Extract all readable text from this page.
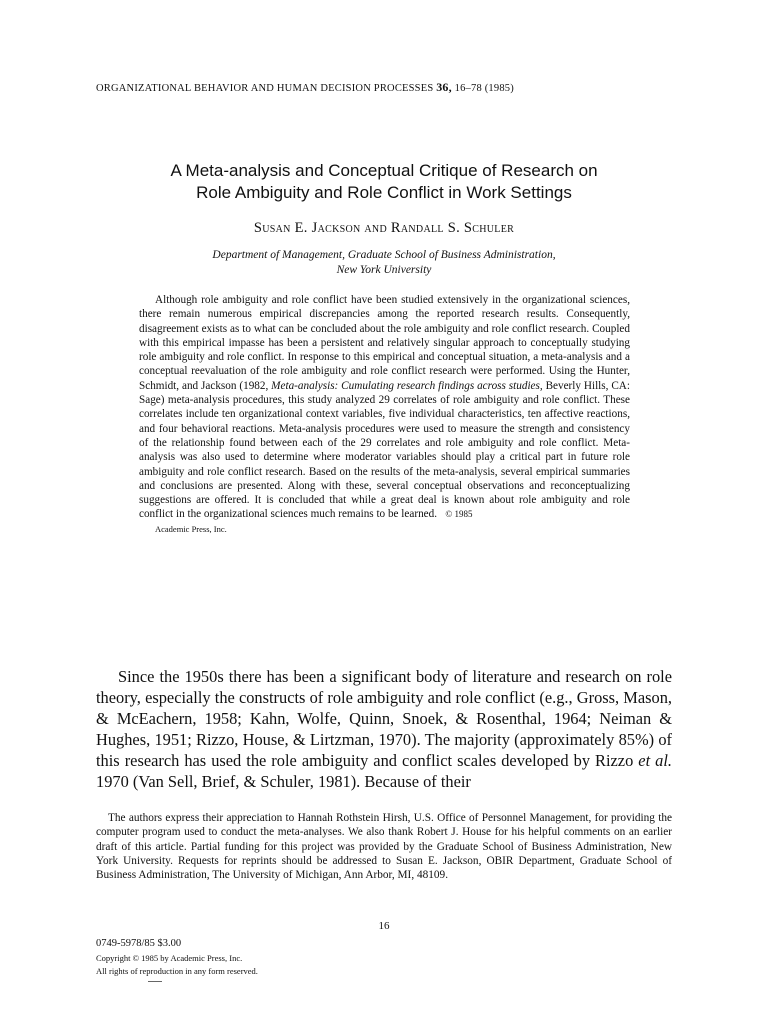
ORGANIZATIONAL BEHAVIOR AND HUMAN DECISION PROCESSES 36, 16–78 (1985)
A Meta-analysis and Conceptual Critique of Research on
Role Ambiguity and Role Conflict in Work Settings
Susan E. Jackson and Randall S. Schuler
Department of Management, Graduate School of Business Administration,
New York University

Although role ambiguity and role conflict have been studied extensively in the organizational sciences, there remain numerous empirical discrepancies among the reported research results. Consequently, disagreement exists as to what can be concluded about the role ambiguity and role conflict research. Coupled with this empirical impasse has been a persistent and relatively singular approach to conceptually studying role ambiguity and role conflict. In response to this empirical and conceptual situation, a meta-analysis and a conceptual reevaluation of the role ambiguity and role conflict research were performed. Using the Hunter, Schmidt, and Jackson (1982, Meta-analysis: Cumulating research findings across studies, Beverly Hills, CA: Sage) meta-analysis procedures, this study analyzed 29 correlates of role ambiguity and role conflict. These correlates include ten organizational context variables, five individual characteristics, ten affective reactions, and four behavioral reactions. Meta-analysis procedures were used to measure the strength and consistency of the relationship found between each of the 29 correlates and role ambiguity and role conflict. Meta-analysis was also used to determine where moderator variables should play a critical part in future role ambiguity and role conflict research. Based on the results of the meta-analysis, several empirical summaries and conclusions are presented. Along with these, several conceptual observations and reconceptualizing suggestions are offered. It is concluded that while a great deal is known about role ambiguity and role conflict in the organizational sciences much remains to be learned. © 1985
Academic Press, Inc.

Since the 1950s there has been a significant body of literature and research on role theory, especially the constructs of role ambiguity and role conflict (e.g., Gross, Mason, & McEachern, 1958; Kahn, Wolfe, Quinn, Snoek, & Rosenthal, 1964; Neiman & Hughes, 1951; Rizzo, House, & Lirtzman, 1970). The majority (approximately 85%) of this research has used the role ambiguity and conflict scales developed by Rizzo et al. 1970 (Van Sell, Brief, & Schuler, 1981). Because of their

The authors express their appreciation to Hannah Rothstein Hirsh, U.S. Office of Personnel Management, for providing the computer program used to conduct the meta-analyses. We also thank Robert J. House for his helpful comments on an earlier draft of this article. Partial funding for this project was provided by the Graduate School of Business Administration, New York University. Requests for reprints should be addressed to Susan E. Jackson, OBIR Department, Graduate School of Business Administration, The University of Michigan, Ann Arbor, MI, 48109.

16
0749-5978/85 $3.00
Copyright © 1985 by Academic Press, Inc.
All rights of reproduction in any form reserved.
